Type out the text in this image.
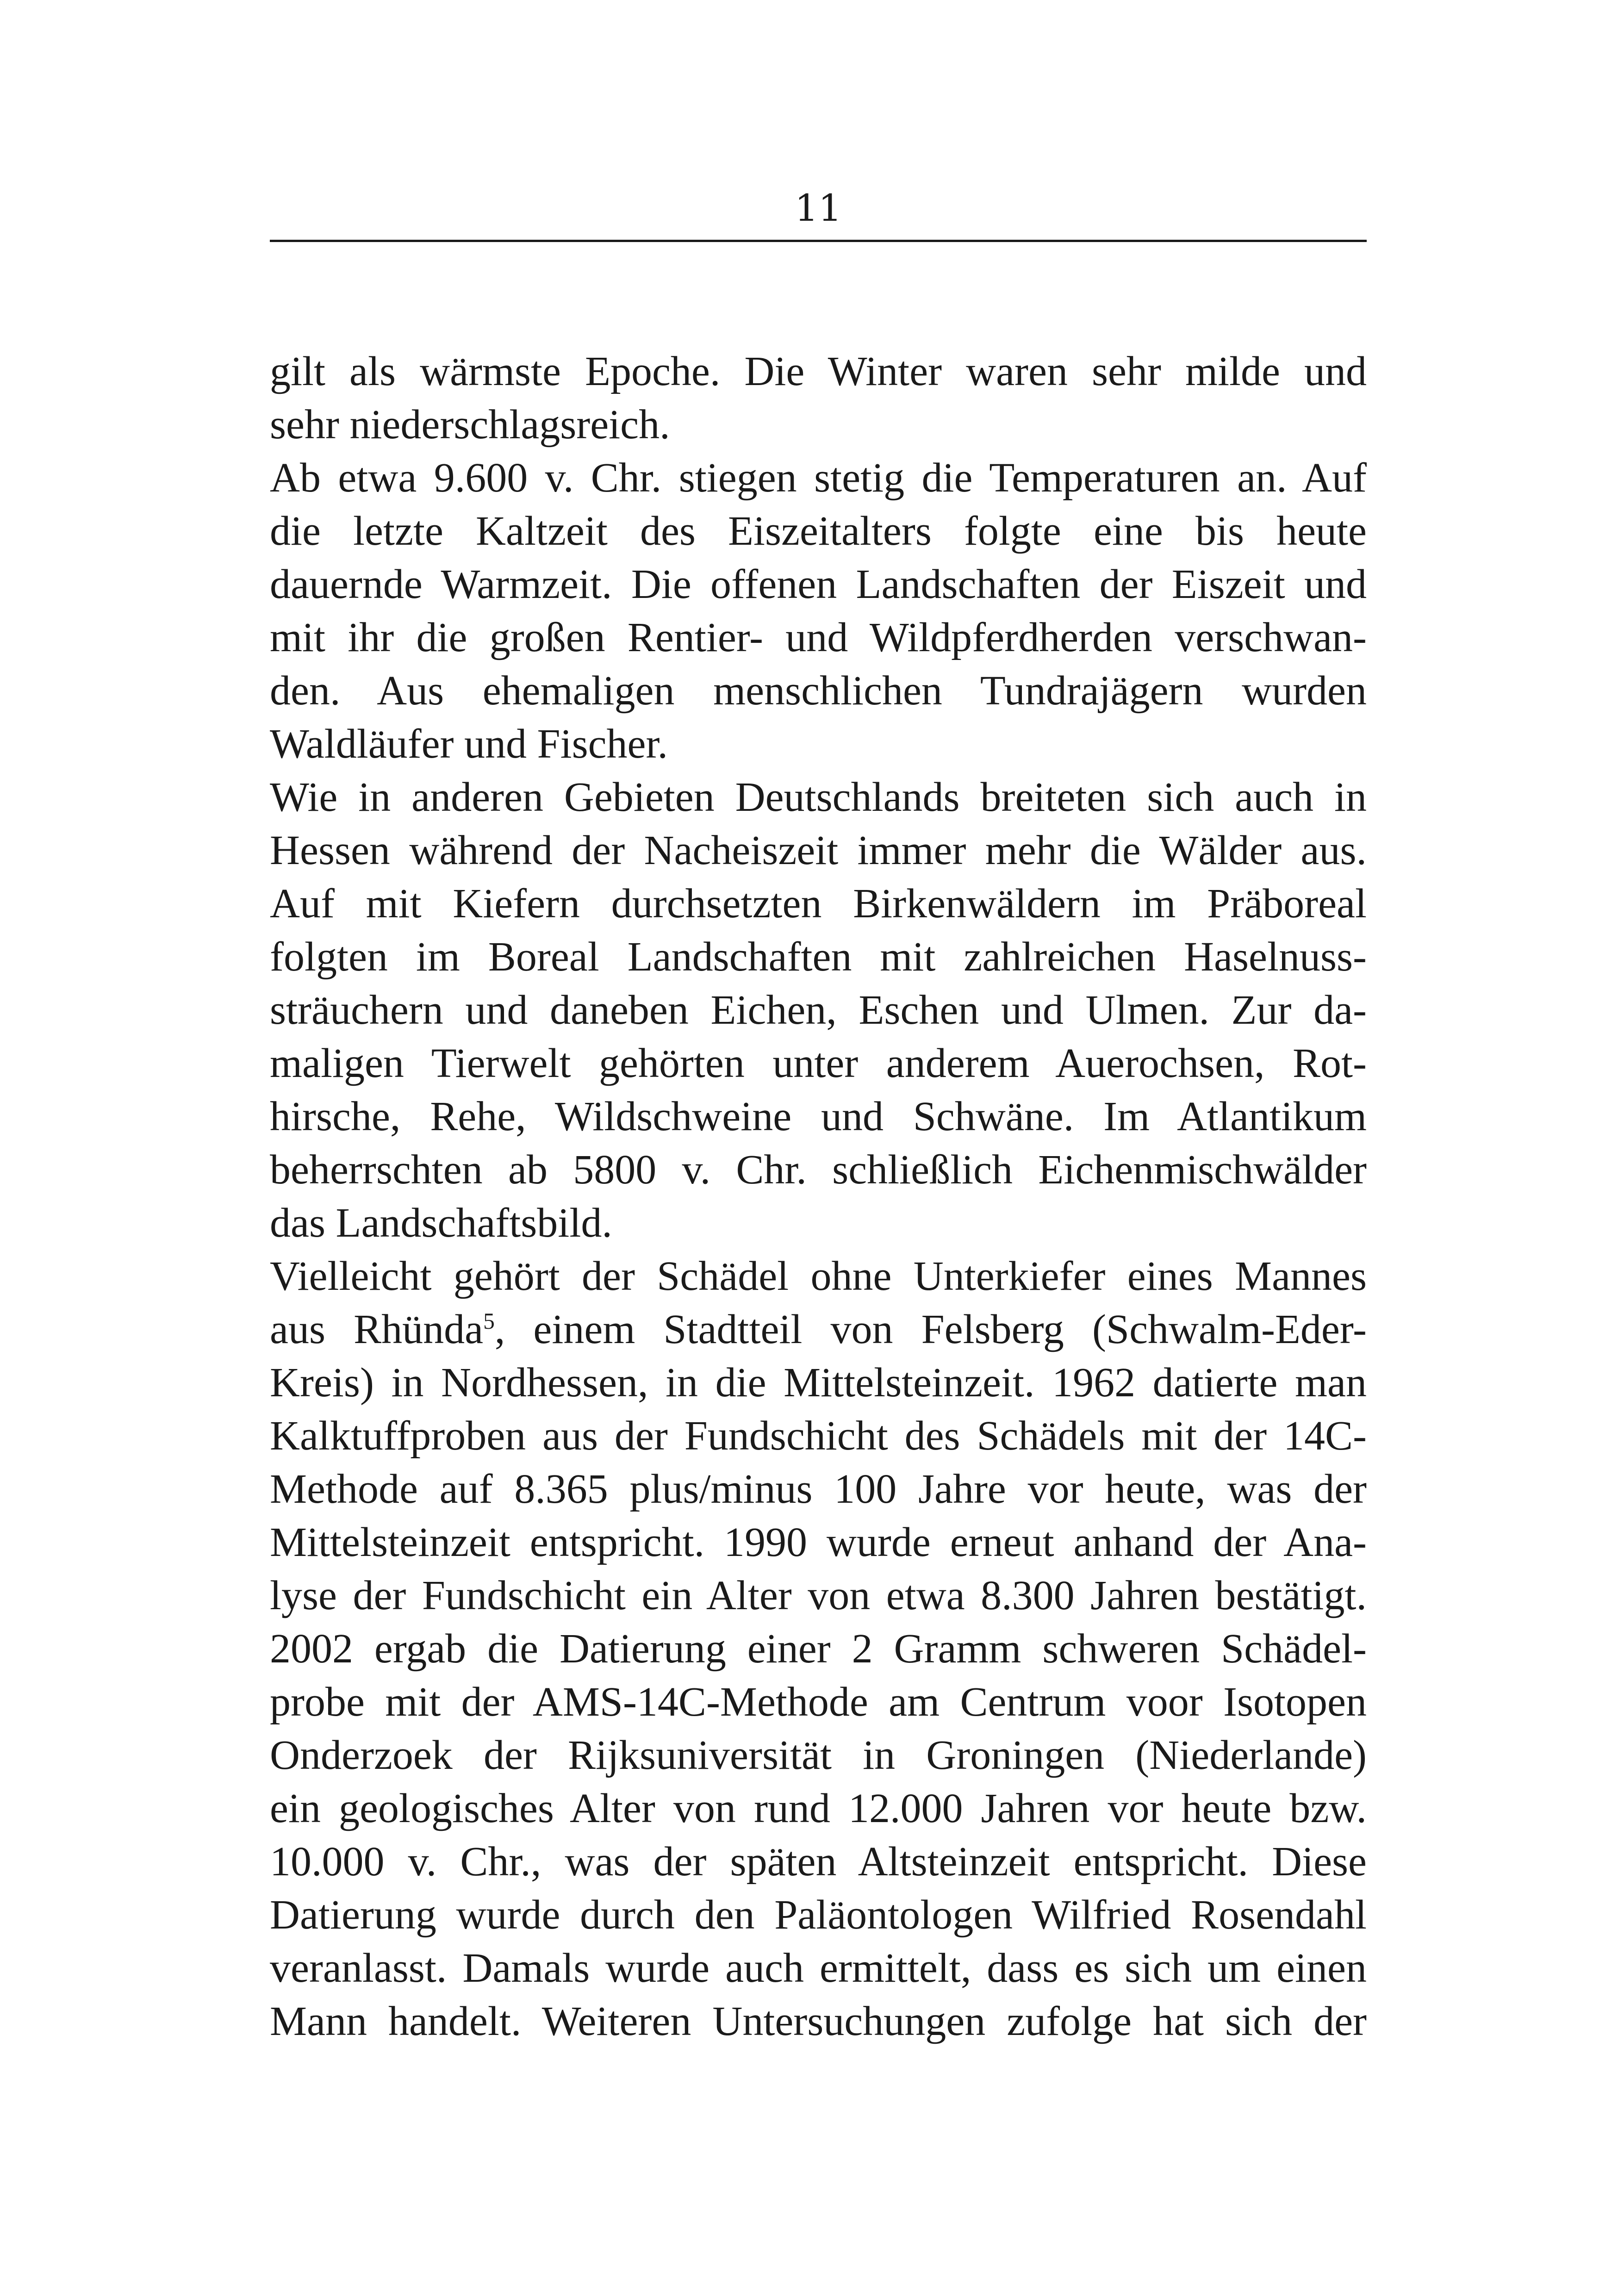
11
gilt als wärmste Epoche. Die Winter waren sehr milde und
sehr niederschlagsreich.
Ab etwa 9.600 v. Chr. stiegen stetig die Temperaturen an. Auf
die letzte Kaltzeit des Eiszeitalters folgte eine bis heute
dauernde Warmzeit. Die offenen Landschaften der Eiszeit und
mit ihr die großen Rentier- und Wildpferdherden verschwan-
den. Aus ehemaligen menschlichen Tundrajägern wurden
Waldläufer und Fischer.
Wie in anderen Gebieten Deutschlands breiteten sich auch in
Hessen während der Nacheiszeit immer mehr die Wälder aus.
Auf mit Kiefern durchsetzten Birkenwäldern im Präboreal
folgten im Boreal Landschaften mit zahlreichen Haselnuss-
sträuchern und daneben Eichen, Eschen und Ulmen. Zur da-
maligen Tierwelt gehörten unter anderem Auerochsen, Rot-
hirsche, Rehe, Wildschweine und Schwäne. Im Atlantikum
beherrschten ab 5800 v. Chr. schließlich Eichenmischwälder
das Landschaftsbild.
Vielleicht gehört der Schädel ohne Unterkiefer eines Mannes
aus Rhünda$^5$, einem Stadtteil von Felsberg (Schwalm-Eder-
Kreis) in Nordhessen, in die Mittelsteinzeit. 1962 datierte man
Kalktuffproben aus der Fundschicht des Schädels mit der 14C-
Methode auf 8.365 plus/minus 100 Jahre vor heute, was der
Mittelsteinzeit entspricht. 1990 wurde erneut anhand der Ana-
lyse der Fundschicht ein Alter von etwa 8.300 Jahren bestätigt.
2002 ergab die Datierung einer 2 Gramm schweren Schädel-
probe mit der AMS-14C-Methode am Centrum voor Isotopen
Onderzoek der Rijksuniversität in Groningen (Niederlande)
ein geologisches Alter von rund 12.000 Jahren vor heute bzw.
10.000 v. Chr., was der späten Altsteinzeit entspricht. Diese
Datierung wurde durch den Paläontologen Wilfried Rosendahl
veranlasst. Damals wurde auch ermittelt, dass es sich um einen
Mann handelt. Weiteren Untersuchungen zufolge hat sich der
